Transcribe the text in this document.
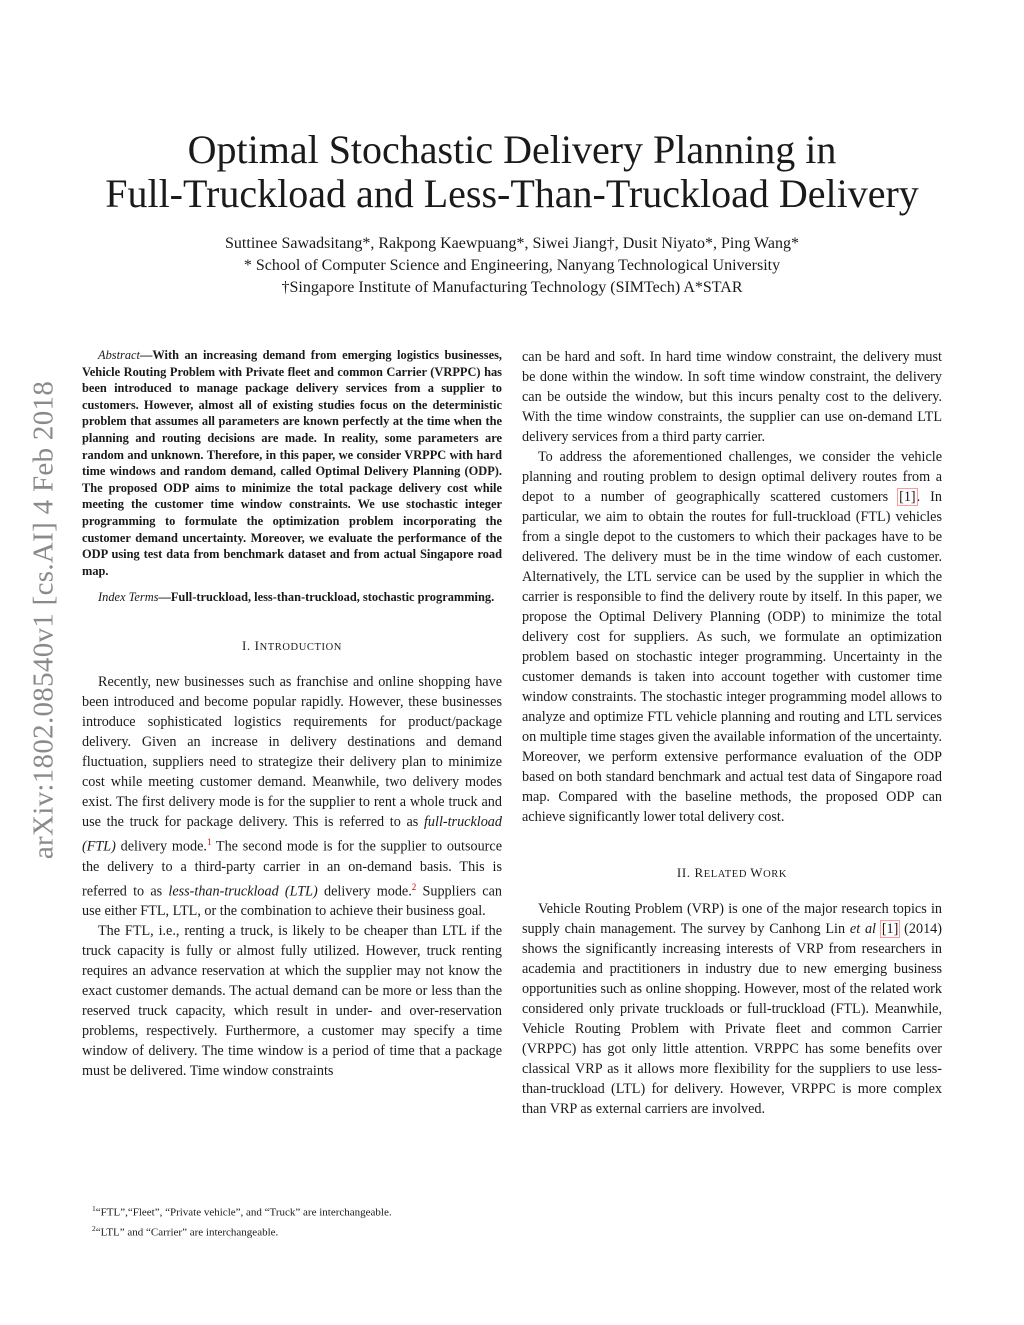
Optimal Stochastic Delivery Planning in
Full-Truckload and Less-Than-Truckload Delivery
Suttinee Sawadsitang*, Rakpong Kaewpuang*, Siwei Jiang†, Dusit Niyato*, Ping Wang*
* School of Computer Science and Engineering, Nanyang Technological University
†Singapore Institute of Manufacturing Technology (SIMTech) A*STAR
arXiv:1802.08540v1 [cs.AI] 4 Feb 2018

Abstract—With an increasing demand from emerging logistics businesses, Vehicle Routing Problem with Private fleet and common Carrier (VRPPC) has been introduced to manage package delivery services from a supplier to customers. However, almost all of existing studies focus on the deterministic problem that assumes all parameters are known perfectly at the time when the planning and routing decisions are made. In reality, some parameters are random and unknown. Therefore, in this paper, we consider VRPPC with hard time windows and random demand, called Optimal Delivery Planning (ODP). The proposed ODP aims to minimize the total package delivery cost while meeting the customer time window constraints. We use stochastic integer programming to formulate the optimization problem incorporating the customer demand uncertainty. Moreover, we evaluate the performance of the ODP using test data from benchmark dataset and from actual Singapore road map.

Index Terms—Full-truckload, less-than-truckload, stochastic programming.

I. INTRODUCTION

Recently, new businesses such as franchise and online shopping have been introduced and become popular rapidly. However, these businesses introduce sophisticated logistics requirements for product/package delivery. Given an increase in delivery destinations and demand fluctuation, suppliers need to strategize their delivery plan to minimize cost while meeting customer demand. Meanwhile, two delivery modes exist. The first delivery mode is for the supplier to rent a whole truck and use the truck for package delivery. This is referred to as full-truckload (FTL) delivery mode.$^1$ The second mode is for the supplier to outsource the delivery to a third-party carrier in an on-demand basis. This is referred to as less-than-truckload (LTL) delivery mode.$^2$ Suppliers can use either FTL, LTL, or the combination to achieve their business goal.

The FTL, i.e., renting a truck, is likely to be cheaper than LTL if the truck capacity is fully or almost fully utilized. However, truck renting requires an advance reservation at which the supplier may not know the exact customer demands. The actual demand can be more or less than the reserved truck capacity, which result in under- and over-reservation problems, respectively. Furthermore, a customer may specify a time window of delivery. The time window is a period of time that a package must be delivered. Time window constraints

$^1$“FTL”,“Fleet”, “Private vehicle”, and “Truck” are interchangeable.
$^2$“LTL” and “Carrier” are interchangeable.

can be hard and soft. In hard time window constraint, the delivery must be done within the window. In soft time window constraint, the delivery can be outside the window, but this incurs penalty cost to the delivery. With the time window constraints, the supplier can use on-demand LTL delivery services from a third party carrier.

To address the aforementioned challenges, we consider the vehicle planning and routing problem to design optimal delivery routes from a depot to a number of geographically scattered customers [1]. In particular, we aim to obtain the routes for full-truckload (FTL) vehicles from a single depot to the customers to which their packages have to be delivered. The delivery must be in the time window of each customer. Alternatively, the LTL service can be used by the supplier in which the carrier is responsible to find the delivery route by itself. In this paper, we propose the Optimal Delivery Planning (ODP) to minimize the total delivery cost for suppliers. As such, we formulate an optimization problem based on stochastic integer programming. Uncertainty in the customer demands is taken into account together with customer time window constraints. The stochastic integer programming model allows to analyze and optimize FTL vehicle planning and routing and LTL services on multiple time stages given the available information of the uncertainty. Moreover, we perform extensive performance evaluation of the ODP based on both standard benchmark and actual test data of Singapore road map. Compared with the baseline methods, the proposed ODP can achieve significantly lower total delivery cost.

II. RELATED WORK

Vehicle Routing Problem (VRP) is one of the major research topics in supply chain management. The survey by Canhong Lin et al [1] (2014) shows the significantly increasing interests of VRP from researchers in academia and practitioners in industry due to new emerging business opportunities such as online shopping. However, most of the related work considered only private truckloads or full-truckload (FTL). Meanwhile, Vehicle Routing Problem with Private fleet and common Carrier (VRPPC) has got only little attention. VRPPC has some benefits over classical VRP as it allows more flexibility for the suppliers to use less-than-truckload (LTL) for delivery. However, VRPPC is more complex than VRP as external carriers are involved.
